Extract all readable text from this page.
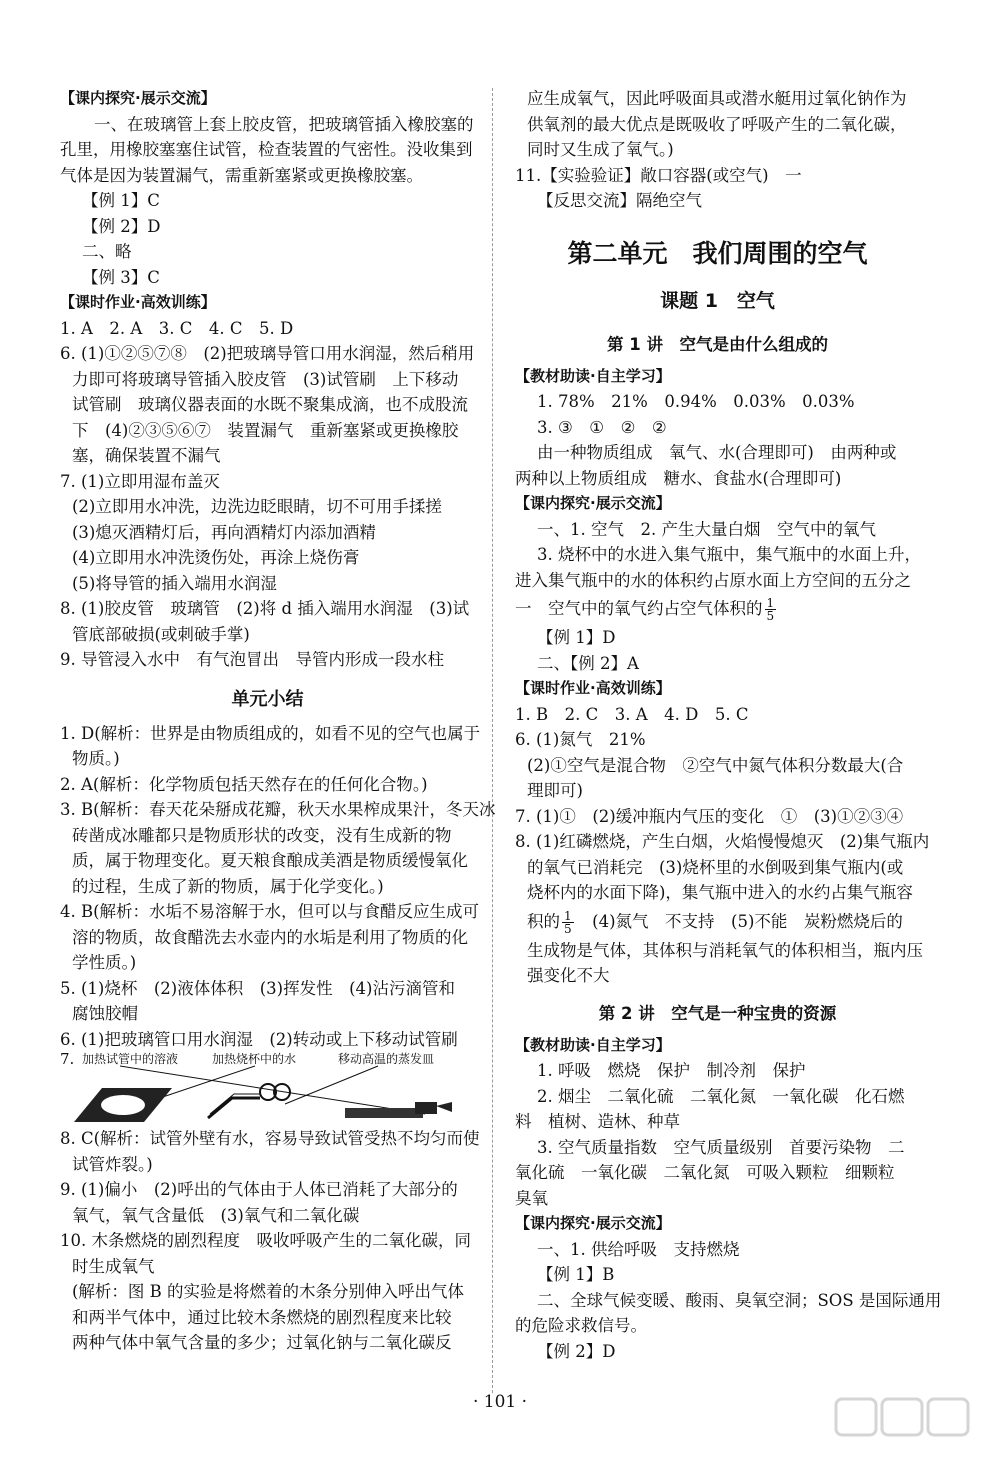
【课内探究·展示交流】
一、在玻璃管上套上胶皮管，把玻璃管插入橡胶塞的
孔里，用橡胶塞塞住试管，检查装置的气密性。没收集到
气体是因为装置漏气，需重新塞紧或更换橡胶塞。
【例 1】C
【例 2】D
二、略
【例 3】C
【课时作业·高效训练】
1. A　2. A　3. C　4. C　5. D
6. (1)①②⑤⑦⑧　(2)把玻璃导管口用水润湿，然后稍用
力即可将玻璃导管插入胶皮管　(3)试管刷　上下移动
试管刷　玻璃仪器表面的水既不聚集成滴，也不成股流
下　(4)②③⑤⑥⑦　装置漏气　重新塞紧或更换橡胶
塞，确保装置不漏气
7. (1)立即用湿布盖灭
(2)立即用水冲洗，边洗边眨眼睛，切不可用手揉搓
(3)熄灭酒精灯后，再向酒精灯内添加酒精
(4)立即用水冲洗烫伤处，再涂上烧伤膏
(5)将导管的插入端用水润湿
8. (1)胶皮管　玻璃管　(2)将 d 插入端用水润湿　(3)试
管底部破损(或刺破手掌)
9. 导管浸入水中　有气泡冒出　导管内形成一段水柱
单元小结
1. D(解析：世界是由物质组成的，如看不见的空气也属于
物质。)
2. A(解析：化学物质包括天然存在的任何化合物。)
3. B(解析：春天花朵掰成花瓣，秋天水果榨成果汁，冬天冰
砖凿成冰雕都只是物质形状的改变，没有生成新的物
质，属于物理变化。夏天粮食酿成美酒是物质缓慢氧化
的过程，生成了新的物质，属于化学变化。)
4. B(解析：水垢不易溶解于水，但可以与食醋反应生成可
溶的物质，故食醋洗去水壶内的水垢是利用了物质的化
学性质。)
5. (1)烧杯　(2)液体体积　(3)挥发性　(4)沾污滴管和
腐蚀胶帽
6. (1)把玻璃管口用水润湿　(2)转动或上下移动试管刷
7. 加热试管中的溶液	加热烧杯中的水	移动高温的蒸发皿
8. C(解析：试管外壁有水，容易导致试管受热不均匀而使
试管炸裂。)
9. (1)偏小　(2)呼出的气体由于人体已消耗了大部分的
氧气，氧气含量低　(3)氧气和二氧化碳
10. 木条燃烧的剧烈程度　吸收呼吸产生的二氧化碳，同
时生成氧气
(解析：图 B 的实验是将燃着的木条分别伸入呼出气体
和两半气体中，通过比较木条燃烧的剧烈程度来比较
两种气体中氧气含量的多少；过氧化钠与二氧化碳反
应生成氧气，因此呼吸面具或潜水艇用过氧化钠作为
供氧剂的最大优点是既吸收了呼吸产生的二氧化碳，
同时又生成了氧气。)
11.【实验验证】敞口容器(或空气)　一
【反思交流】隔绝空气
第二单元　我们周围的空气
课题 1　空气
第 1 讲　空气是由什么组成的
【教材助读·自主学习】
1. 78%　21%　0.94%　0.03%　0.03%
3. ③　①　②　②
由一种物质组成　氧气、水(合理即可)　由两种或
两种以上物质组成　糖水、食盐水(合理即可)
【课内探究·展示交流】
一、1. 空气　2. 产生大量白烟　空气中的氧气
3. 烧杯中的水进入集气瓶中，集气瓶中的水面上升，
进入集气瓶中的水的体积约占原水面上方空间的五分之
一　空气中的氧气约占空气体积的 $\frac{1}{5}$
【例 1】D
二、【例 2】A
【课时作业·高效训练】
1. B　2. C　3. A　4. D　5. C
6. (1)氮气　21%
(2)①空气是混合物　②空气中氮气体积分数最大(合
理即可)
7. (1)①　(2)缓冲瓶内气压的变化　①　(3)①②③④
8. (1)红磷燃烧，产生白烟，火焰慢慢熄灭　(2)集气瓶内
的氧气已消耗完　(3)烧杯里的水倒吸到集气瓶内(或
烧杯内的水面下降)，集气瓶中进入的水约占集气瓶容
积的 $\frac{1}{5}$ 　(4)氮气　不支持　(5)不能　炭粉燃烧后的
生成物是气体，其体积与消耗氧气的体积相当，瓶内压
强变化不大
第 2 讲　空气是一种宝贵的资源
【教材助读·自主学习】
1. 呼吸　燃烧　保护　制冷剂　保护
2. 烟尘　二氧化硫　二氧化氮　一氧化碳　化石燃
料　植树、造林、种草
3. 空气质量指数　空气质量级别　首要污染物　二
氧化硫　一氧化碳　二氧化氮　可吸入颗粒　细颗粒
臭氧
【课内探究·展示交流】
一、1. 供给呼吸　支持燃烧
【例 1】B
二、全球气候变暖、酸雨、臭氧空洞；SOS 是国际通用
的危险求救信号。
【例 2】D
· 101 ·
